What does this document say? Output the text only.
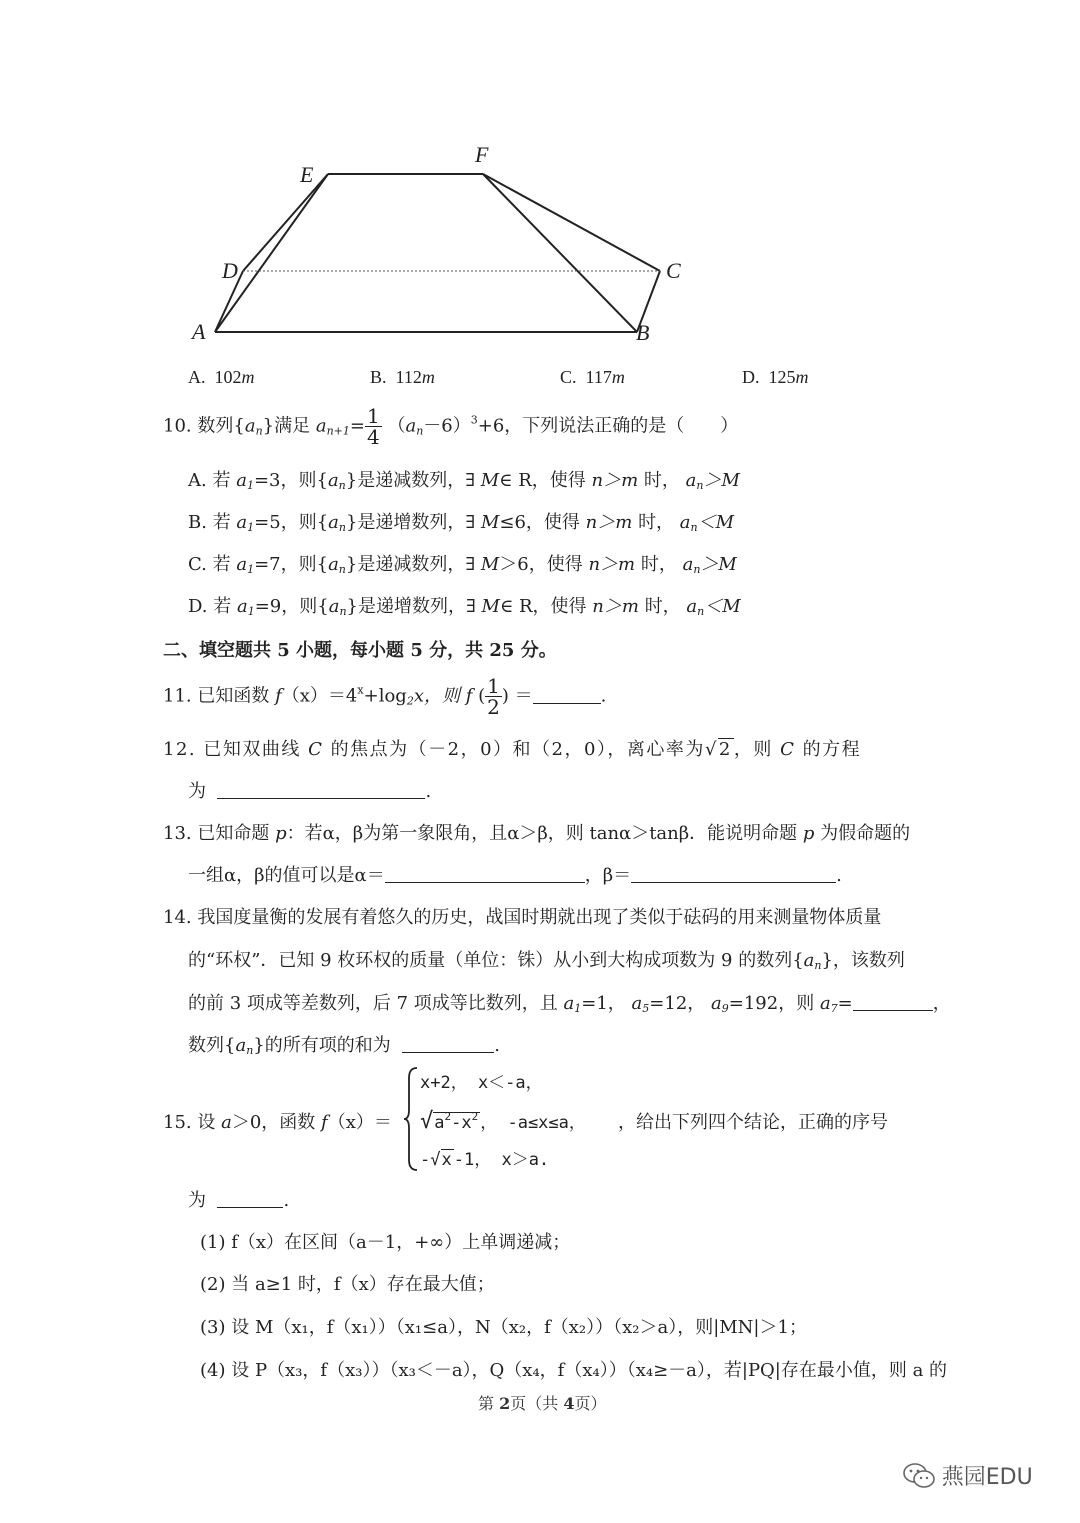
A	B
C
D
E
F
A. 102m	B. 112m	C. 117m	D. 125m
10. 数列$\{a_n\}$满足 $a_{n+1}= \frac{1}{4} (a_n-6)^3+6$，下列说法正确的是（　　）
A. 若 $a_1=3$，则$\{a_n\}$是递减数列，∃ M∈ R，使得 n＞m 时， $a_n>M$
B. 若 $a_1=5$，则$\{a_n\}$是递增数列，∃ M≤6，使得 n＞m 时， $a_n<M$
C. 若 $a_1=7$，则$\{a_n\}$是递减数列，∃ M＞6，使得 n＞m 时， $a_n>M$
D. 若 $a_1=9$，则$\{a_n\}$是递增数列，∃ M∈ R，使得 n＞m 时， $a_n<M$
二、填空题共 5 小题，每小题 5 分，共 25 分。
11. 已知函数 $f(x)=4^x+\log_2x$，则 f ( $\frac{1}{2}$ ) ＝	.
12. 已知双曲线 C 的焦点为（－2，0）和（2，0），离心率为√2 ，则 C 的方程
为	.
13. 已知命题 p：若α，β为第一象限角，且α＞β，则 tanα＞tanβ．能说明命题 p 为假命题的
一组α，β的值可以是α＝	，β＝	.
14. 我国度量衡的发展有着悠久的历史，战国时期就出现了类似于砝码的用来测量物体质量
的“环权”．已知 9 枚环权的质量（单位：铢）从小到大构成项数为 9 的数列$\{a_n\}$，该数列
的前 3 项成等差数列，后 7 项成等比数列，且 $a_1=1$， $a_5=12$， $a_9=192$，则 $a_7=$	，
数列$\{a_n\}$的所有项的和为	.
15. 设 a＞0，函数 f（x）＝
x+2， x＜-a，
$√a^2-x^2$ ， -a≤x≤a，
-√x -1， x＞a.
，给出下列四个结论，正确的序号
为	.
(1) f（x）在区间（a－1，+∞）上单调递减；
(2) 当 a≥1 时，f（x）存在最大值；
(3) 设 M（x₁，f（x₁））（x₁≤a），N（x₂，f（x₂））（x₂＞a），则|MN|＞1；
(4) 设 P（x₃，f（x₃））（x₃＜－a），Q（x₄，f（x₄））（x₄≥－a），若|PQ|存在最小值，则 a 的
第 2页（共 4页）
燕园EDU
